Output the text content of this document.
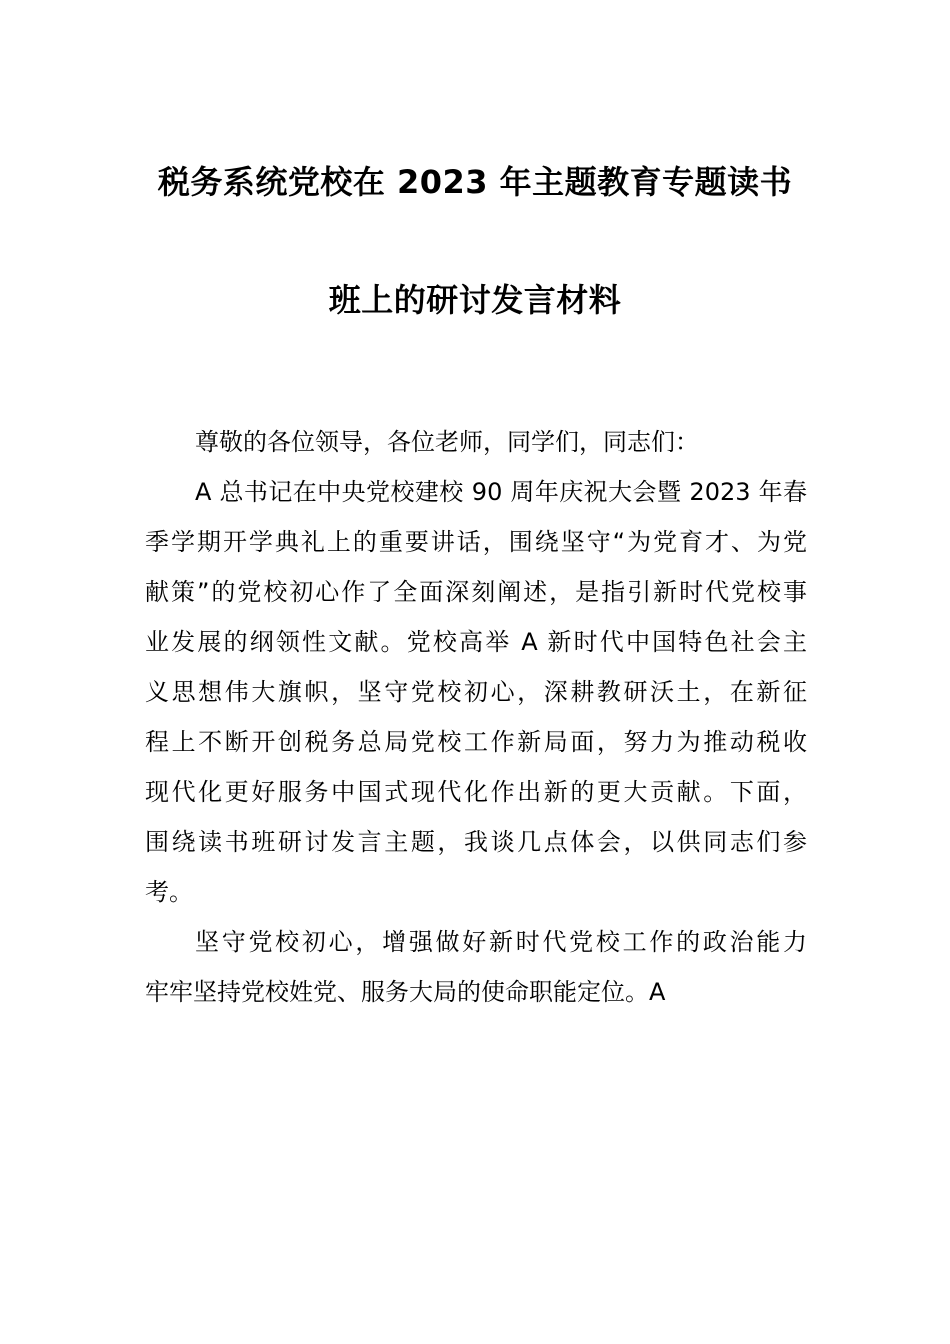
税务系统党校在 2023 年主题教育专题读书
班上的研讨发言材料
尊敬的各位领导，各位老师，同学们，同志们：
A 总书记在中央党校建校 90 周年庆祝大会暨 2023 年春
季学期开学典礼上的重要讲话，围绕坚守“为党育才、为党
献策”的党校初心作了全面深刻阐述，是指引新时代党校事
业发展的纲领性文献。党校高举 A 新时代中国特色社会主
义思想伟大旗帜，坚守党校初心，深耕教研沃土，在新征
程上不断开创税务总局党校工作新局面，努力为推动税收
现代化更好服务中国式现代化作出新的更大贡献。下面，
围绕读书班研讨发言主题，我谈几点体会，以供同志们参
考。
坚守党校初心，增强做好新时代党校工作的政治能力
牢牢坚持党校姓党、服务大局的使命职能定位。A
